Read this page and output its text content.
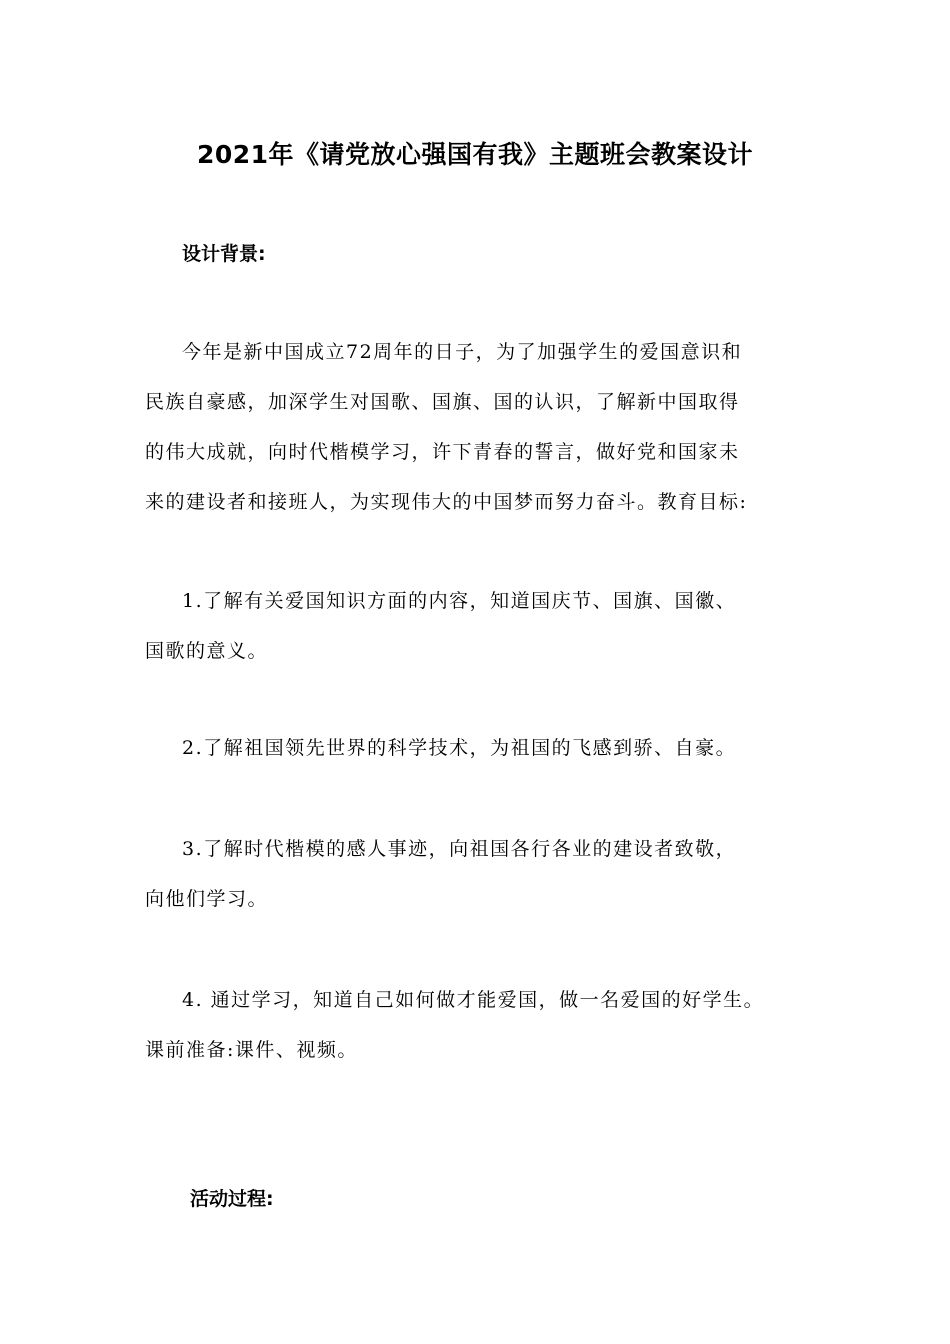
2021年《请党放心强国有我》主题班会教案设计
设计背景:
今年是新中国成立72周年的日子，为了加强学生的爱国意识和
民族自豪感，加深学生对国歌、国旗、国的认识，了解新中国取得
的伟大成就，向时代楷模学习，许下青春的誓言，做好党和国家未
来的建设者和接班人，为实现伟大的中国梦而努力奋斗。教育目标:
1.了解有关爱国知识方面的内容，知道国庆节、国旗、国徽、
国歌的意义。
2.了解祖国领先世界的科学技术，为祖国的飞感到骄、自豪。
3.了解时代楷模的感人事迹，向祖国各行各业的建设者致敬，
向他们学习。
4. 通过学习，知道自己如何做才能爱国，做一名爱国的好学生。
课前准备:课件、视频。
活动过程:
